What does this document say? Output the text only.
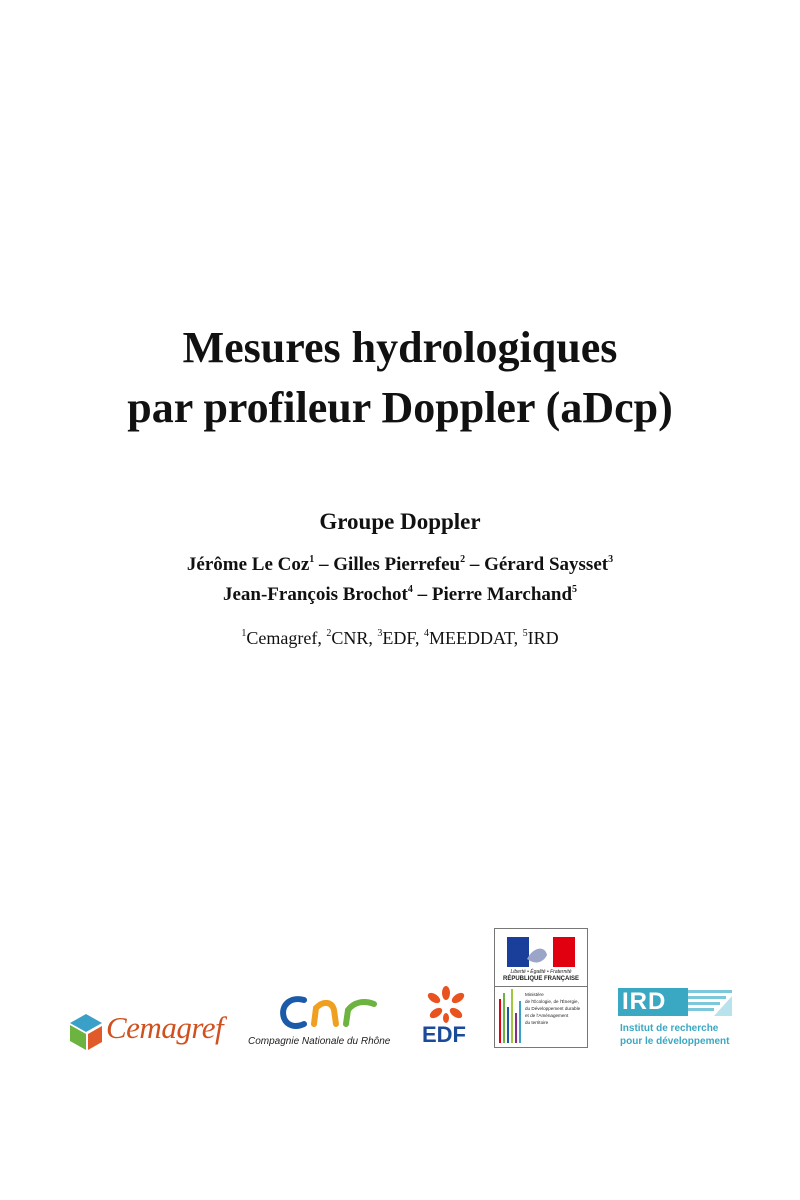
Mesures hydrologiques
par profileur Doppler (aDcp)
Groupe Doppler
Jérôme Le Coz$^1$ – Gilles Pierrefeu$^2$ – Gérard Saysset$^3$
Jean-François Brochot$^4$ – Pierre Marchand$^5$
$^1$Cemagref, $^2$CNR, $^3$EDF, $^4$MEEDDAT, $^5$IRD
Cemagref Compagnie Nationale du Rhône EDF
Liberté • Égalité • Fraternité
RÉPUBLIQUE FRANÇAISE
Ministère
de l'Écologie, de l'Énergie,
du Développement durable
et de l'Aménagement
du territoire
IRD
Institut de recherche
pour le développement
